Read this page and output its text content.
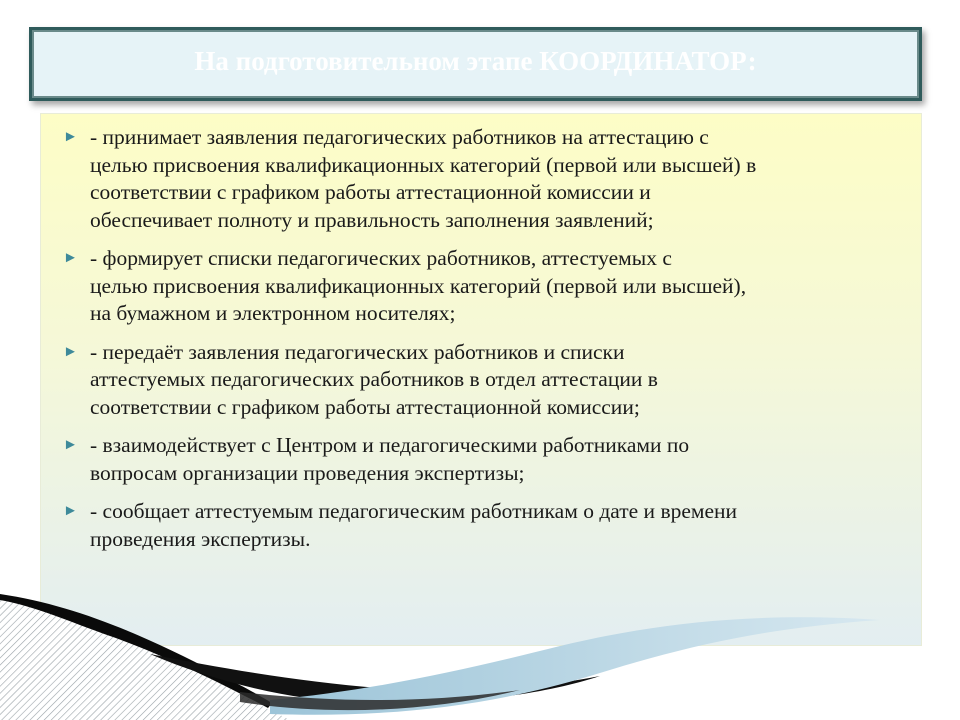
На подготовительном этапе КООРДИНАТОР:
► - принимает заявления педагогических работников на аттестацию с
целью присвоения квалификационных категорий (первой или высшей) в
соответствии с графиком работы аттестационной комиссии и
обеспечивает полноту и правильность заполнения заявлений;
► - формирует списки педагогических работников, аттестуемых с
целью присвоения квалификационных категорий (первой или высшей),
на бумажном и электронном носителях;
► - передаёт заявления педагогических работников и списки
аттестуемых педагогических работников в отдел аттестации в
соответствии с графиком работы аттестационной комиссии;
► - взаимодействует с Центром и педагогическими работниками по
вопросам организации проведения экспертизы;
► - сообщает аттестуемым педагогическим работникам о дате и времени
проведения экспертизы.
